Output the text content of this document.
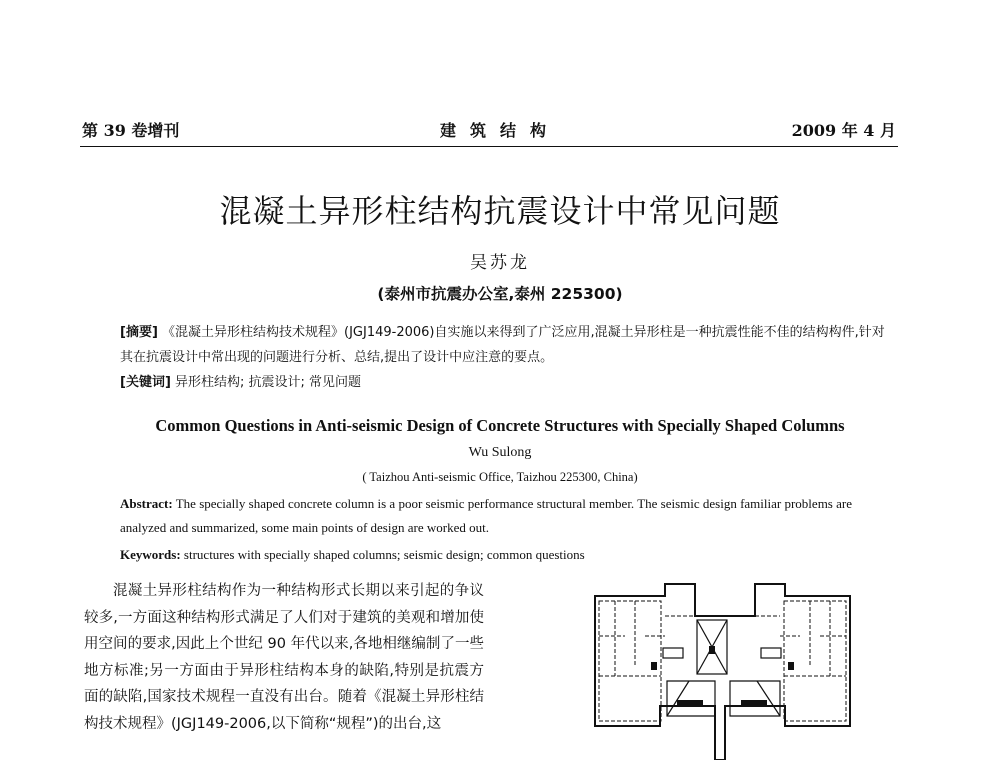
第 39 卷增刊	建筑结构	2009 年 4 月
混凝土异形柱结构抗震设计中常见问题
吴苏龙
(泰州市抗震办公室,泰州 225300)
[摘要] 《混凝土异形柱结构技术规程》(JGJ149-2006)自实施以来得到了广泛应用,混凝土异形柱是一种抗震性能不佳的结构构件,针对其在抗震设计中常出现的问题进行分析、总结,提出了设计中应注意的要点。
[关键词] 异形柱结构; 抗震设计; 常见问题
Common Questions in Anti-seismic Design of Concrete Structures with Specially Shaped Columns
Wu Sulong
( Taizhou Anti-seismic Office, Taizhou 225300, China)
Abstract: The specially shaped concrete column is a poor seismic performance structural member. The seismic design familiar problems are analyzed and summarized, some main points of design are worked out.
Keywords: structures with specially shaped columns; seismic design; common questions
混凝土异形柱结构作为一种结构形式长期以来引起的争议较多,一方面这种结构形式满足了人们对于建筑的美观和增加使用空间的要求,因此上个世纪 90 年代以来,各地相继编制了一些地方标准;另一方面由于异形柱结构本身的缺陷,特别是抗震方面的缺陷,国家技术规程一直没有出台。随着《混凝土异形柱结构技术规程》(JGJ149-2006,以下简称“规程”)的出台,这
